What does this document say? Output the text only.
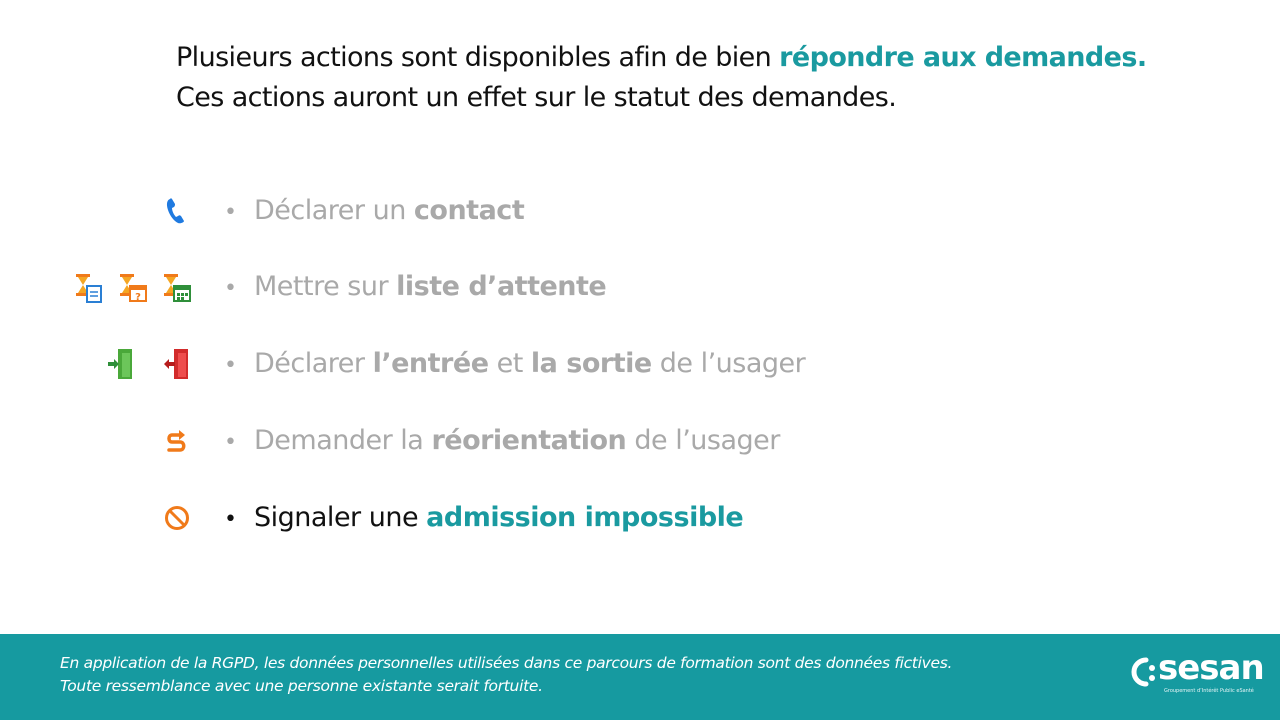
Plusieurs actions sont disponibles afin de bien répondre aux demandes.
Ces actions auront un effet sur le statut des demandes.
• Déclarer un contact
?	• Mettre sur liste d’attente
• Déclarer l’entrée et la sortie de l’usager
• Demander la réorientation de l’usager
• Signaler une admission impossible
En application de la RGPD, les données personnelles utilisées dans ce parcours de formation sont des données fictives.
Toute ressemblance avec une personne existante serait fortuite.	sesan
Groupement d’Intérêt Public eSanté
